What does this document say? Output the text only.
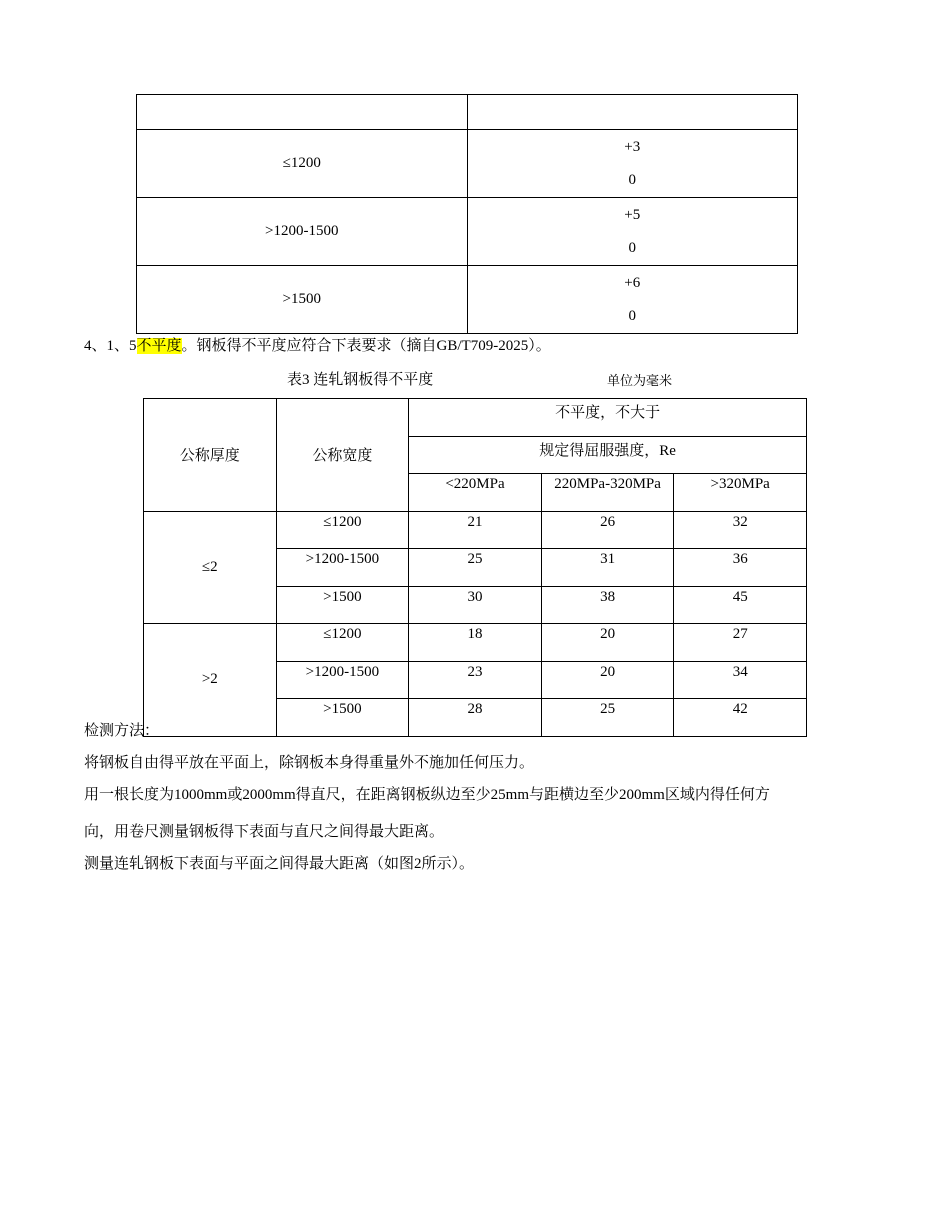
≤1200	+3
0

>1200-1500	+5
0

>1500	+6
0
4、1、5不平度。钢板得不平度应符合下表要求（摘自GB/T709-2025）。
表3 连轧钢板得不平度	单位为毫米
公称厚度	公称宽度	不平度，不大于		
		规定得屈服强度，Re		
		<220MPa	220MPa-320MPa	>320MPa
≤2	≤1200	21	26	32
	>1200-1500	25	31	36
	>1500	30	38	45
>2	≤1200	18	20	27
	>1200-1500	23	20	34
	>1500	28	25	42
检测方法：
将钢板自由得平放在平面上，除钢板本身得重量外不施加任何压力。
用一根长度为1000mm或2000mm得直尺，在距离钢板纵边至少25mm与距横边至少200mm区域内得任何方
向，用卷尺测量钢板得下表面与直尺之间得最大距离。
测量连轧钢板下表面与平面之间得最大距离（如图2所示）。
